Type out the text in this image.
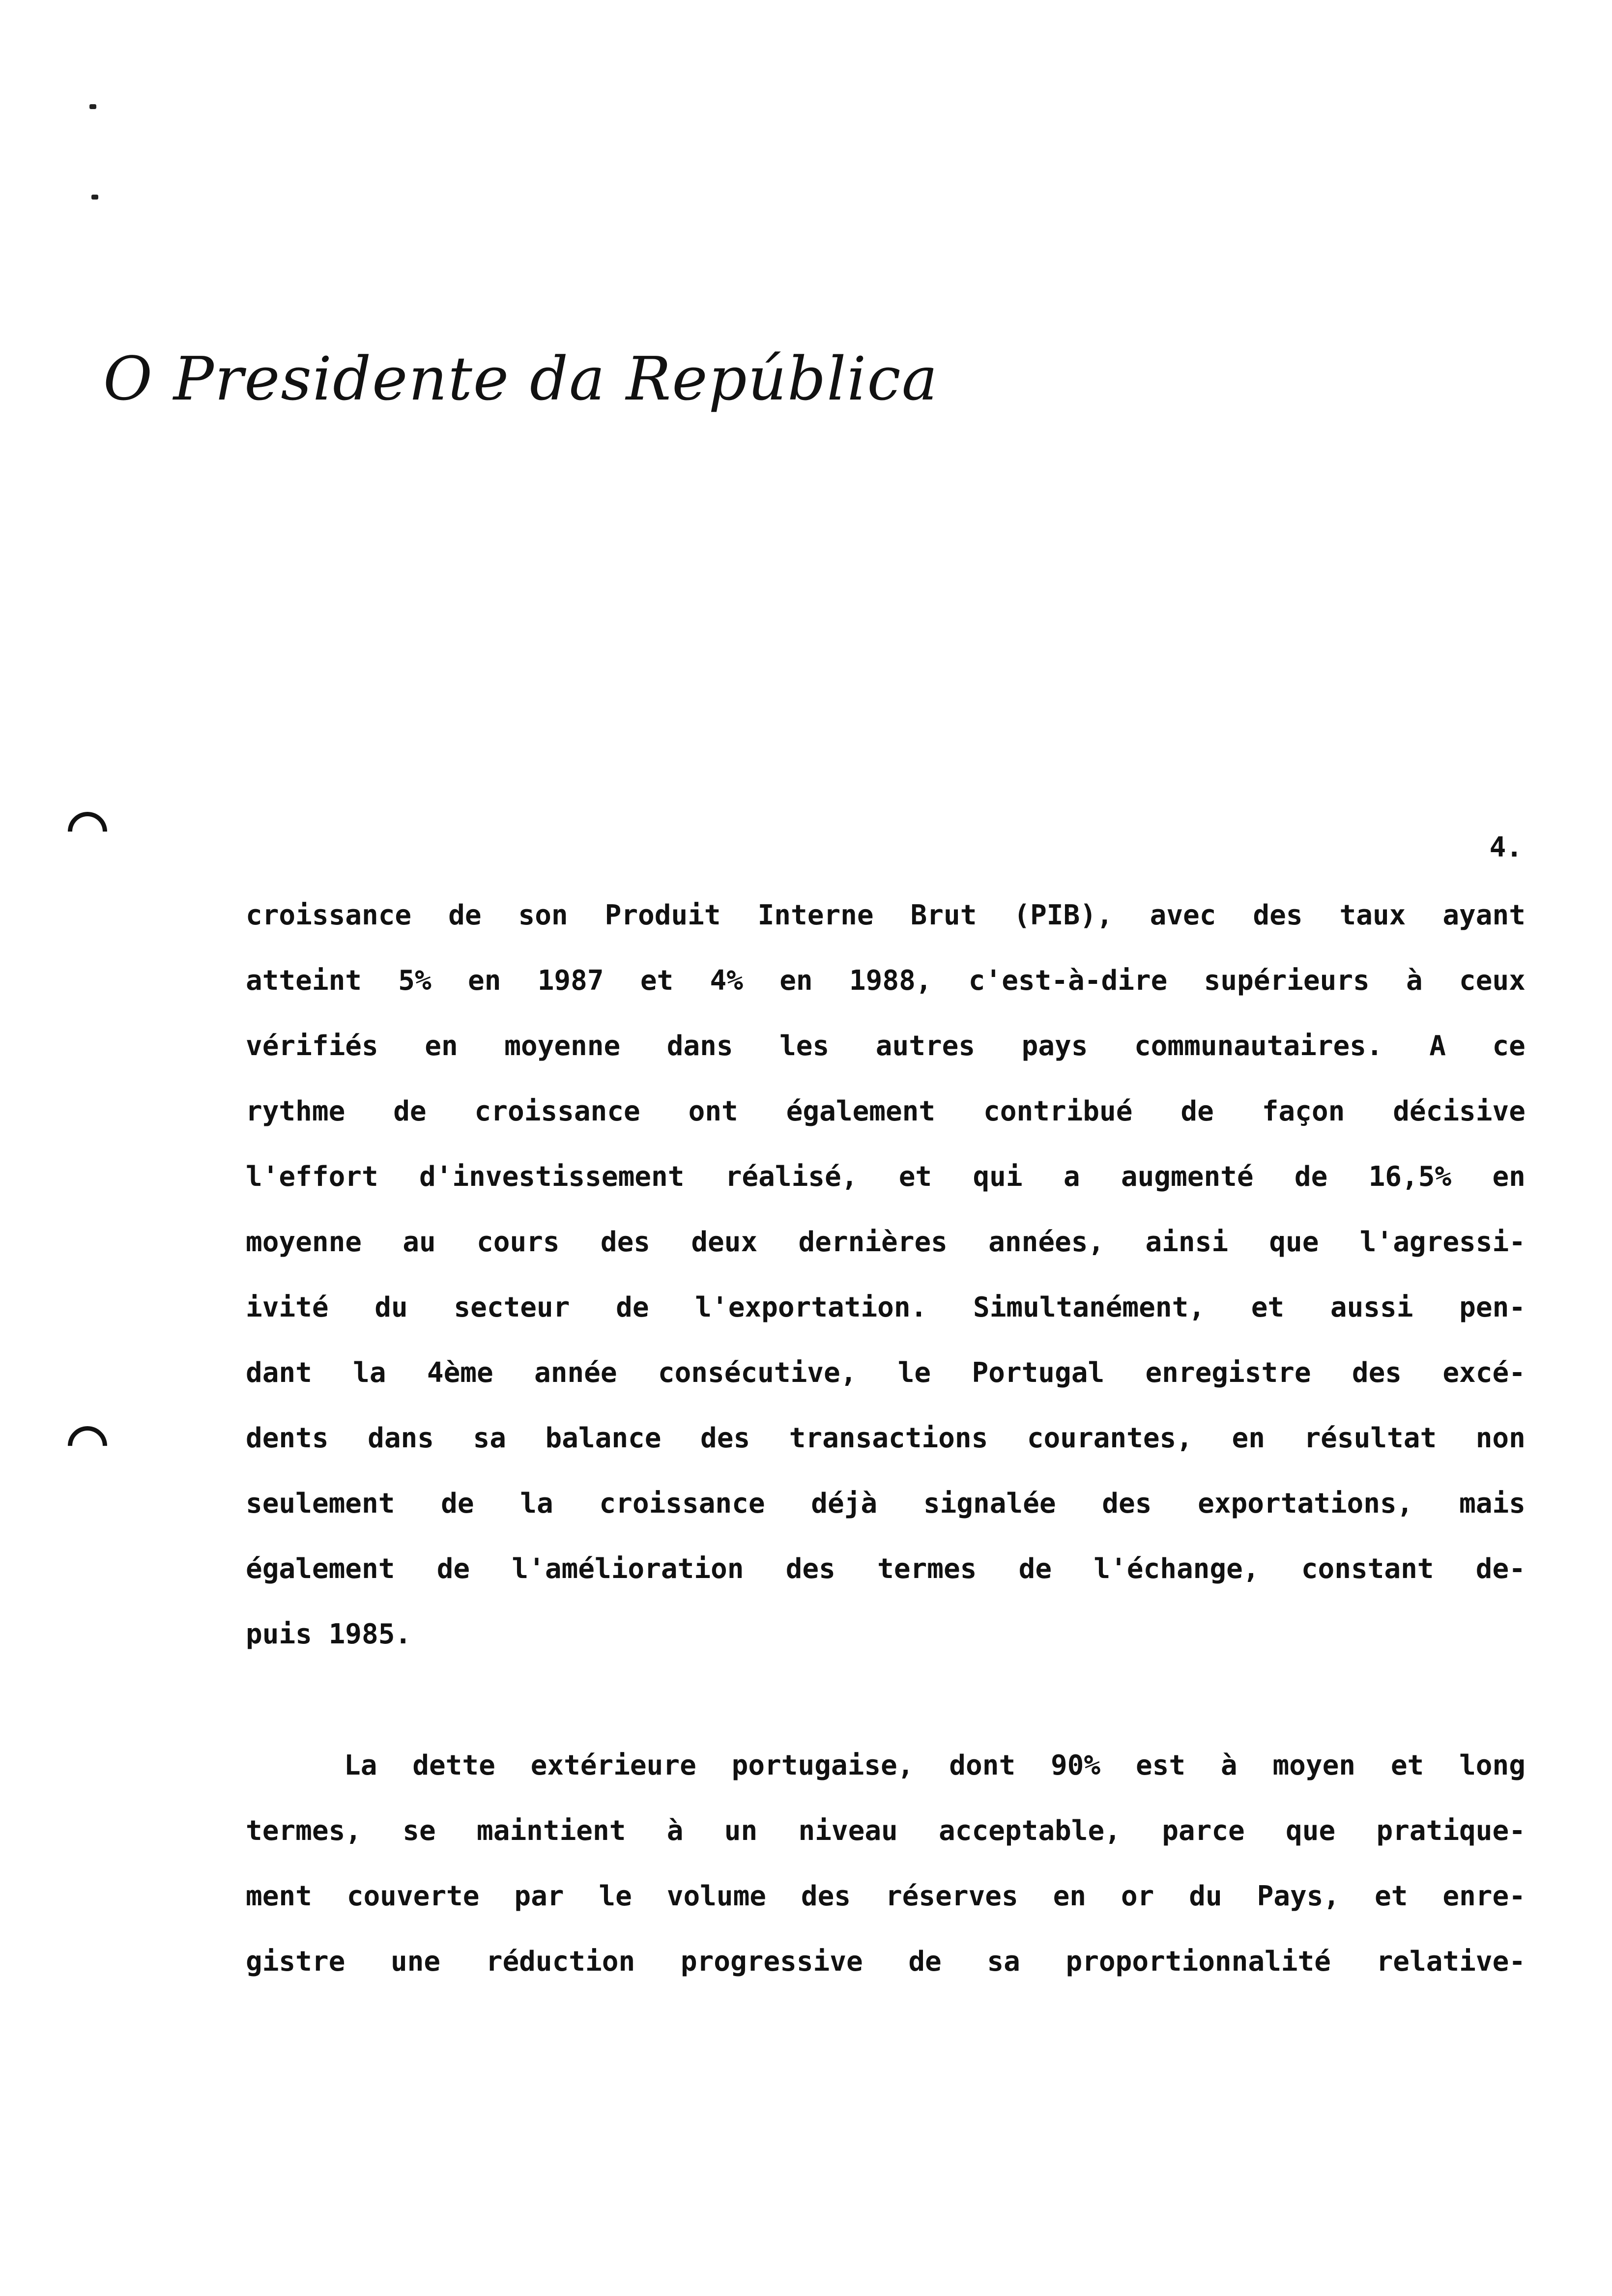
O Presidente da República
4.
croissance de son Produit Interne Brut (PIB), avec des taux ayant
atteint 5% en 1987 et 4% en 1988, c'est-à-dire supérieurs à ceux
vérifiés en moyenne dans les autres pays communautaires. A ce
rythme de croissance ont également contribué de façon décisive
l'effort d'investissement réalisé, et qui a augmenté de 16,5% en
moyenne au cours des deux dernières années, ainsi que l'agressi-
ivité du secteur de l'exportation. Simultanément, et aussi pen-
dant la 4ème année consécutive, le Portugal enregistre des excé-
dents dans sa balance des transactions courantes, en résultat non
seulement de la croissance déjà signalée des exportations, mais
également de l'amélioration des termes de l'échange, constant de-
puis 1985.
La dette extérieure portugaise, dont 90% est à moyen et long
termes, se maintient à un niveau acceptable, parce que pratique-
ment couverte par le volume des réserves en or du Pays, et enre-
gistre une réduction progressive de sa proportionnalité relative-
